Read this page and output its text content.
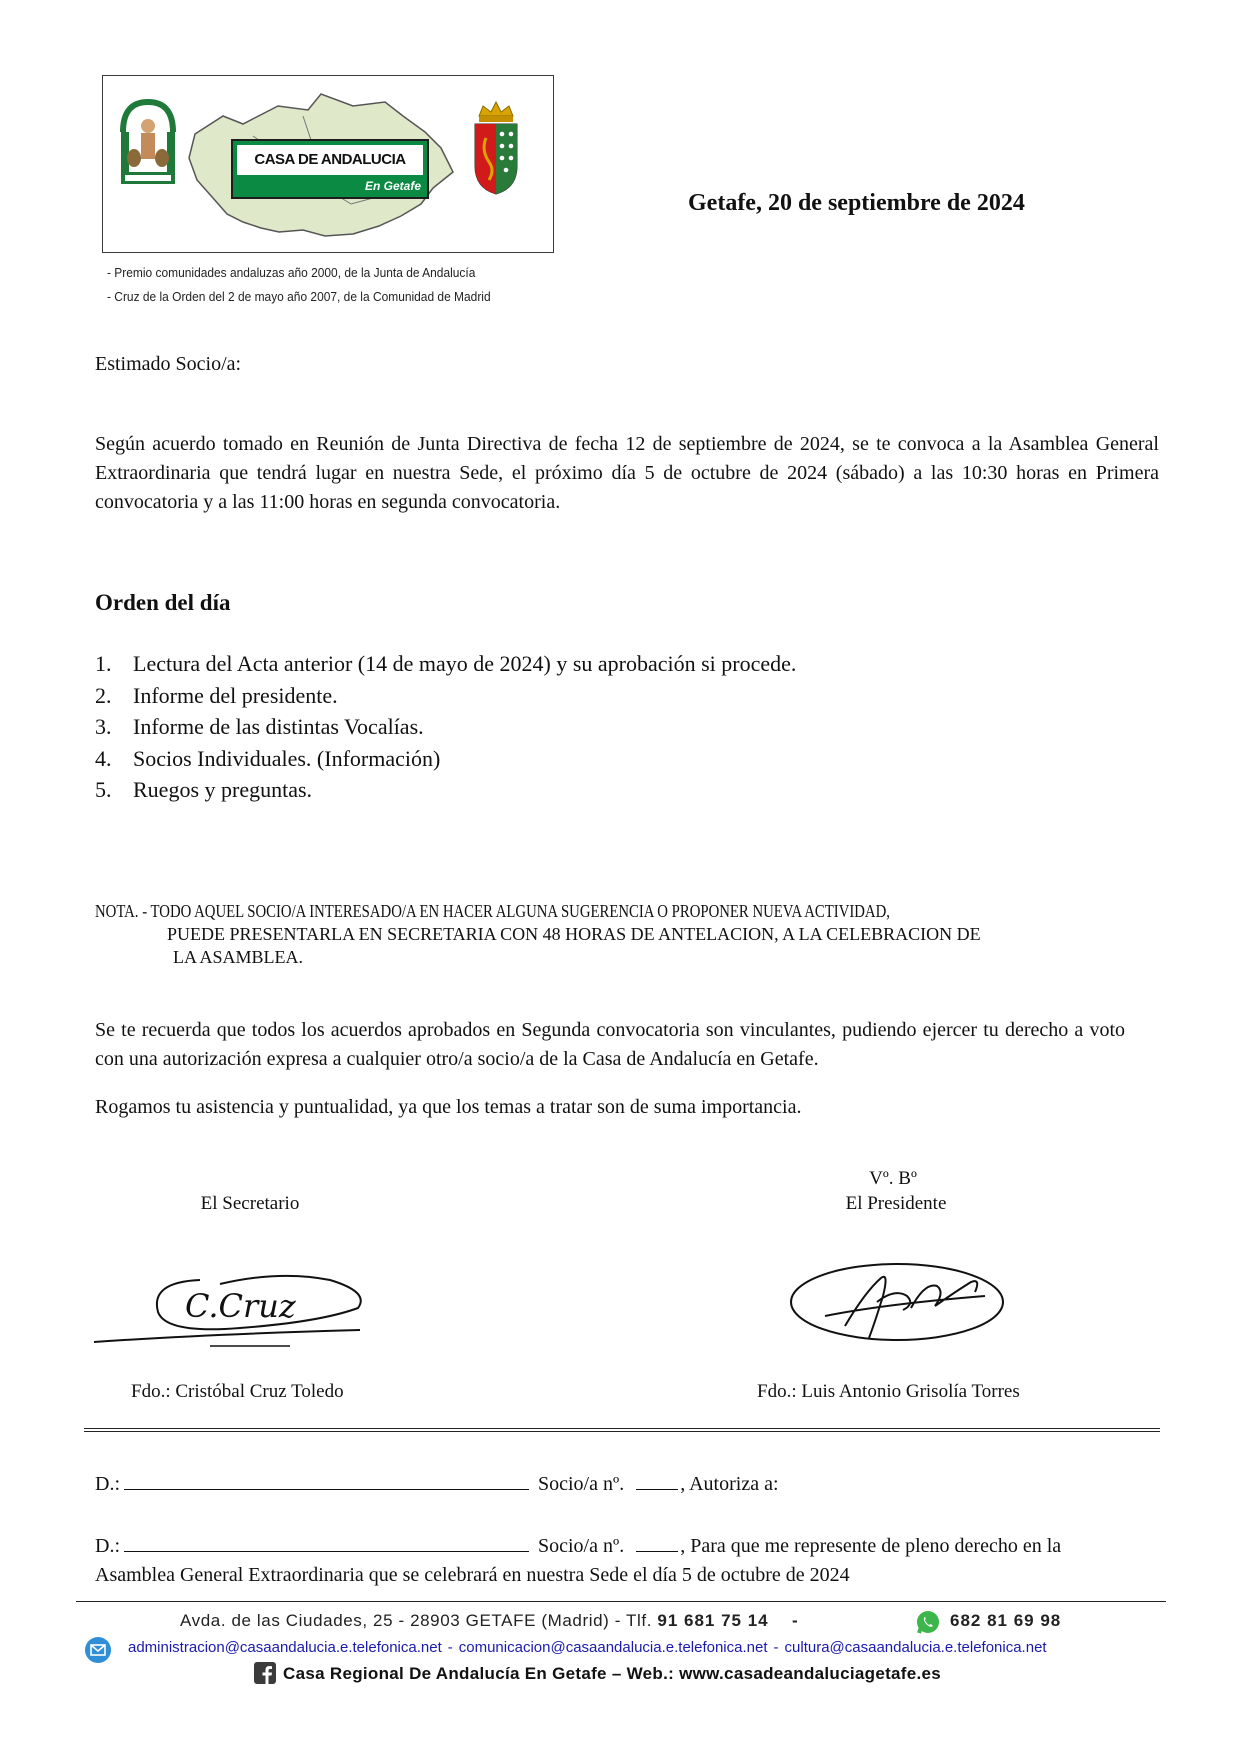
CASA DE ANDALUCIA
En Getafe
- Premio comunidades andaluzas año 2000, de la Junta de Andalucía
- Cruz de la Orden del 2 de mayo año 2007, de la Comunidad de Madrid
Getafe, 20 de septiembre de 2024
Estimado Socio/a:
Según acuerdo tomado en Reunión de Junta Directiva de fecha 12 de septiembre de 2024, se te convoca a la Asamblea General Extraordinaria que tendrá lugar en nuestra Sede, el próximo día 5 de octubre de 2024 (sábado) a las 10:30 horas en Primera convocatoria y a las 11:00 horas en segunda convocatoria.
Orden del día
1. Lectura del Acta anterior (14 de mayo de 2024) y su aprobación si procede.
2. Informe del presidente.
3. Informe de las distintas Vocalías.
4. Socios Individuales. (Información)
5. Ruegos y preguntas.
NOTA. - TODO AQUEL SOCIO/A INTERESADO/A EN HACER ALGUNA SUGERENCIA O PROPONER NUEVA ACTIVIDAD,
PUEDE PRESENTARLA EN SECRETARIA CON 48 HORAS DE ANTELACION, A LA CELEBRACION DE
LA ASAMBLEA.
Se te recuerda que todos los acuerdos aprobados en Segunda convocatoria son vinculantes, pudiendo ejercer tu derecho a voto con una autorización expresa a cualquier otro/a socio/a de la Casa de Andalucía en Getafe.
Rogamos tu asistencia y puntualidad, ya que los temas a tratar son de suma importancia.
Vº. Bº
El Presidente
El Secretario
C.Cruz
Fdo.: Cristóbal Cruz Toledo	Fdo.: Luis Antonio Grisolía Torres
D.:	Socio/a nº.	, Autoriza a:
D.:	Socio/a nº.	, Para que me represente de pleno derecho en la
Asamblea General Extraordinaria que se celebrará en nuestra Sede el día 5 de octubre de 2024
Avda. de las Ciudades, 25 - 28903 GETAFE (Madrid) - Tlf. 91 681 75 14 -	682 81 69 98
administracion@casaandalucia.e.telefonica.net - comunicacion@casaandalucia.e.telefonica.net - cultura@casaandalucia.e.telefonica.net
Casa Regional De Andalucía En Getafe – Web.: www.casadeandaluciagetafe.es
